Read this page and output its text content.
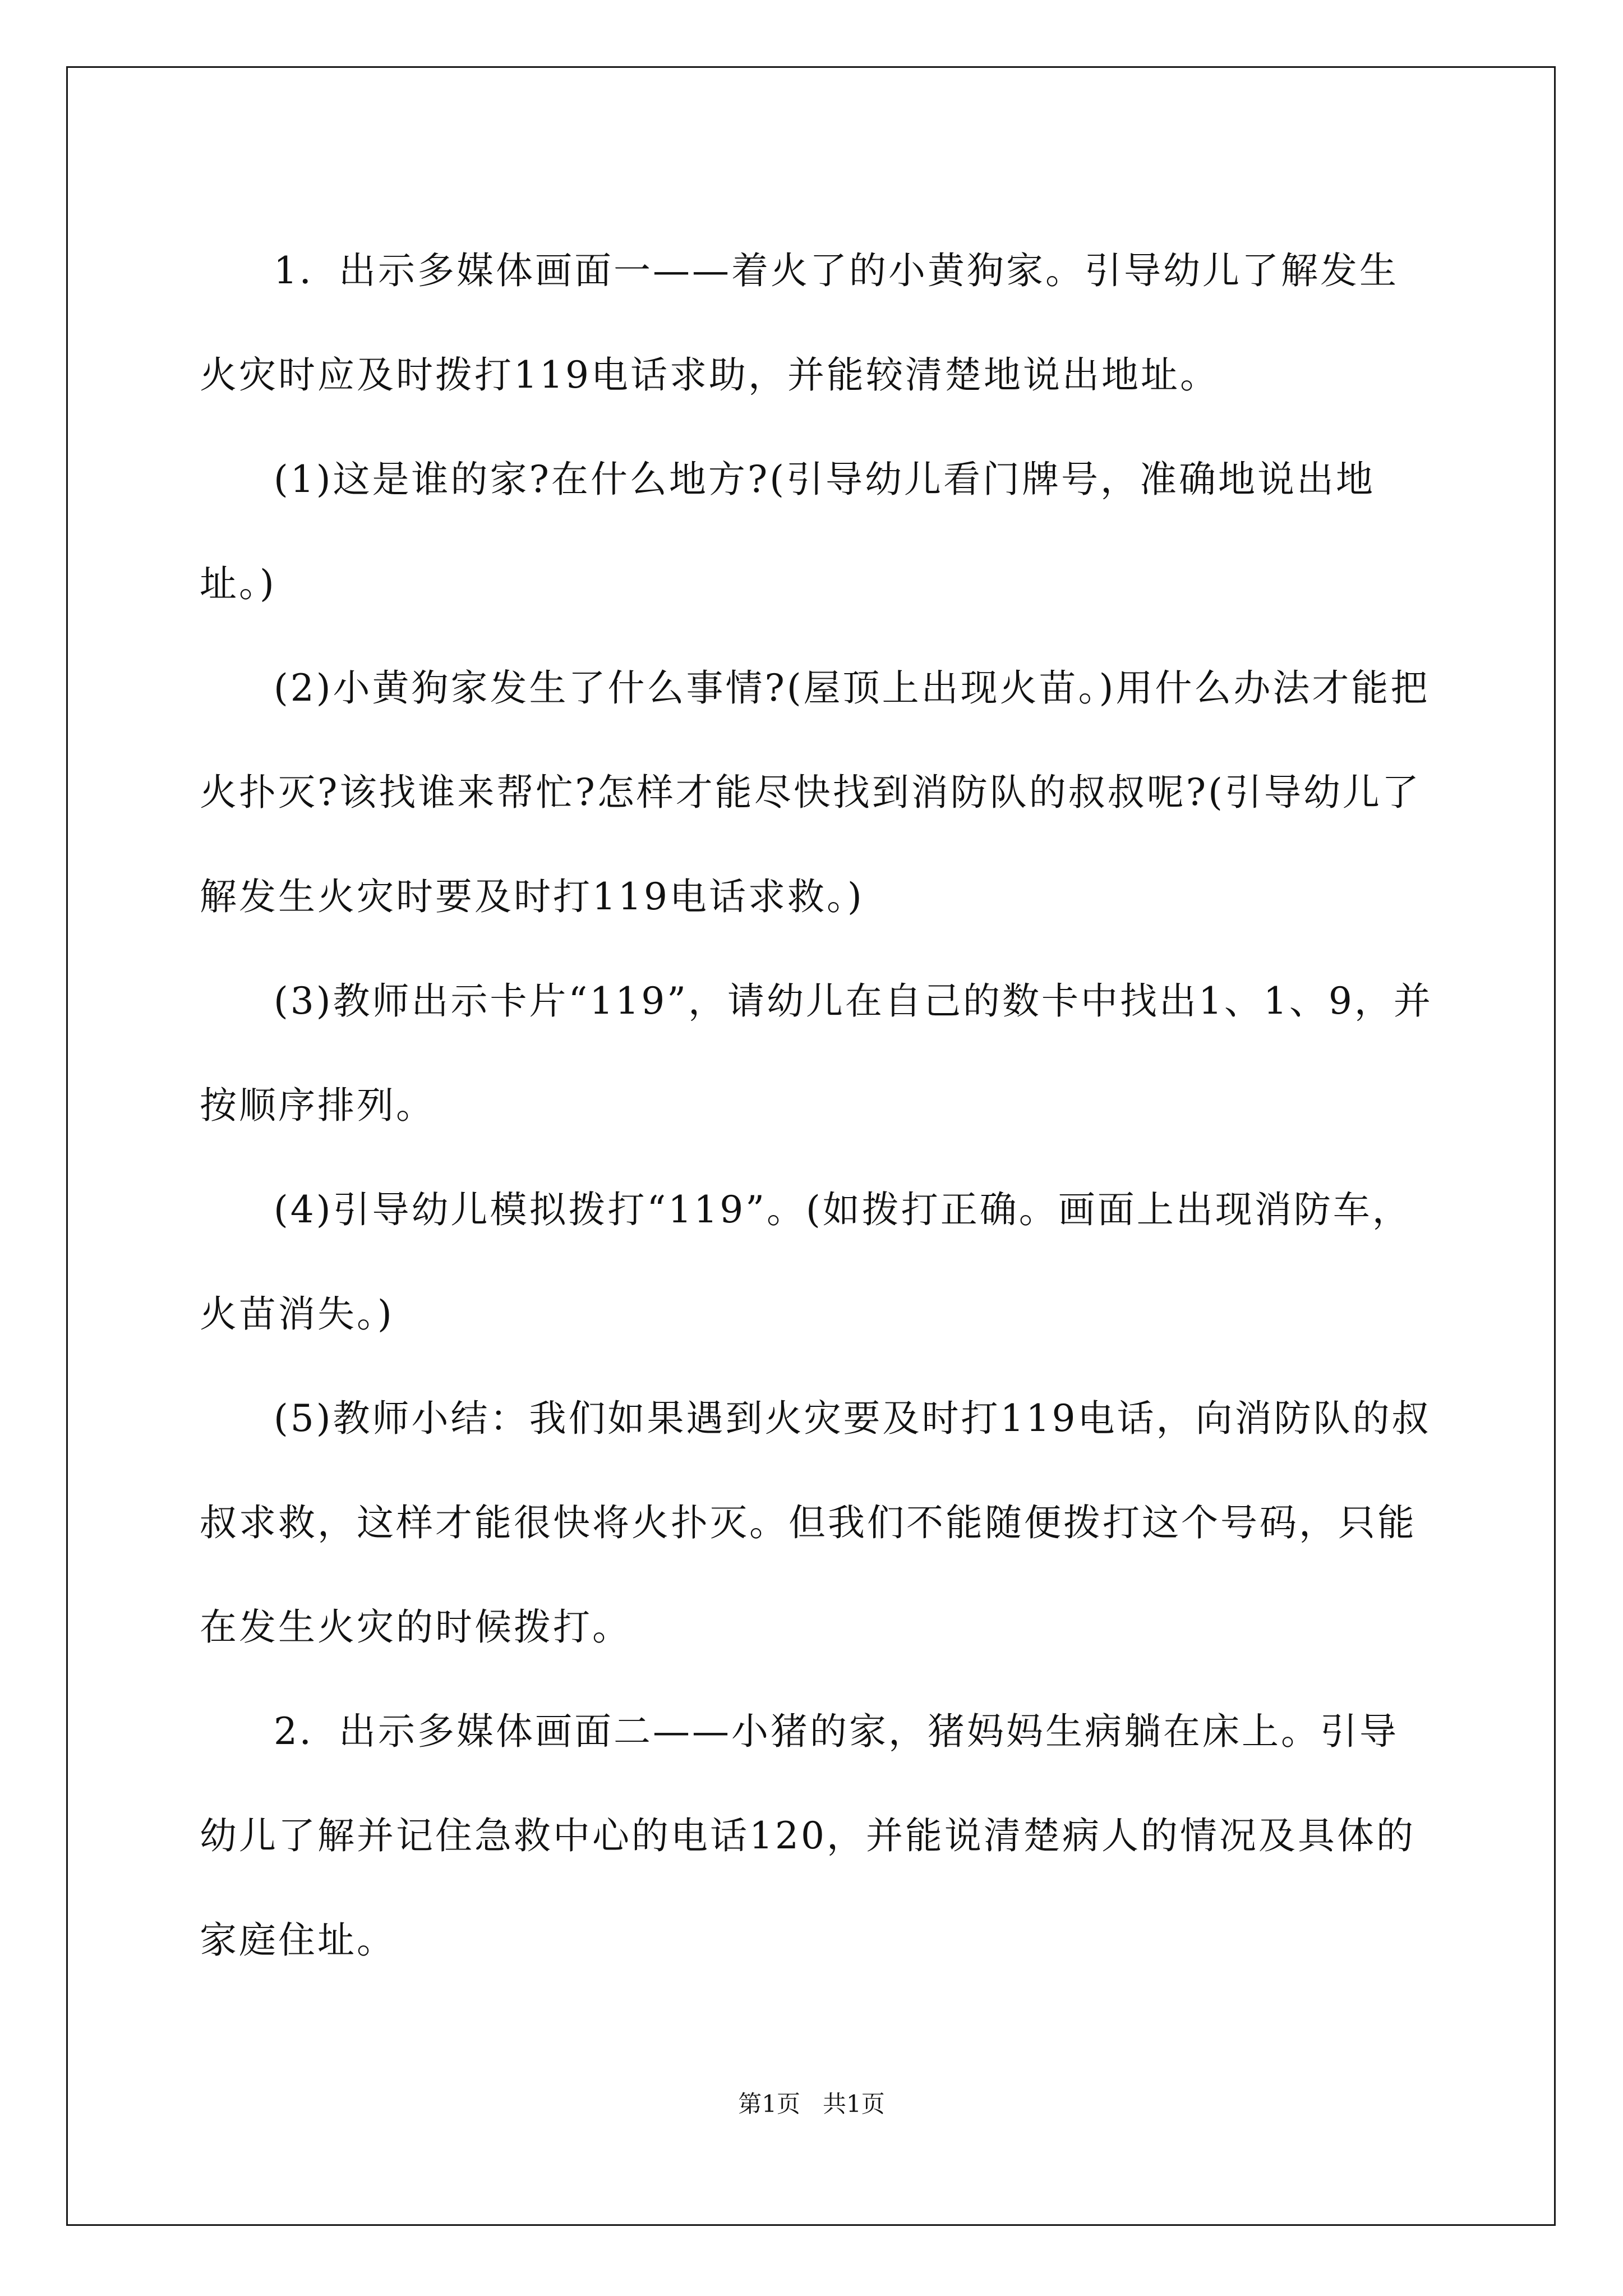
1．出示多媒体画面一——着火了的小黄狗家。引导幼儿了解发生火灾时应及时拨打119电话求助，并能较清楚地说出地址。

(1)这是谁的家?在什么地方?(引导幼儿看门牌号，准确地说出地址。)

(2)小黄狗家发生了什么事情?(屋顶上出现火苗。)用什么办法才能把火扑灭?该找谁来帮忙?怎样才能尽快找到消防队的叔叔呢?(引导幼儿了解发生火灾时要及时打119电话求救。)

(3)教师出示卡片“119”，请幼儿在自己的数卡中找出1、1、9，并按顺序排列。

(4)引导幼儿模拟拨打“119”。(如拨打正确。画面上出现消防车，火苗消失。)

(5)教师小结：我们如果遇到火灾要及时打119电话，向消防队的叔叔求救，这样才能很快将火扑灭。但我们不能随便拨打这个号码，只能在发生火灾的时候拨打。

2．出示多媒体画面二——小猪的家，猪妈妈生病躺在床上。引导幼儿了解并记住急救中心的电话120，并能说清楚病人的情况及具体的家庭住址。

第1页 共1页
